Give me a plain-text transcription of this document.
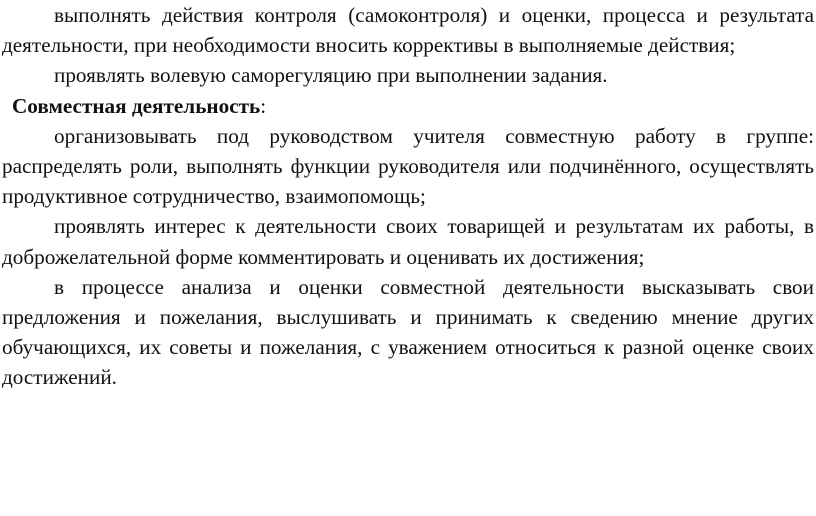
выполнять действия контроля (самоконтроля) и оценки, процесса и результата деятельности, при необходимости вносить коррективы в выполняемые действия;

проявлять волевую саморегуляцию при выполнении задания.

Совместная деятельность:

организовывать под руководством учителя совместную работу в группе: распределять роли, выполнять функции руководителя или подчинённого, осуществлять продуктивное сотрудничество, взаимопомощь;

проявлять интерес к деятельности своих товарищей и результатам их работы, в доброжелательной форме комментировать и оценивать их достижения;

в процессе анализа и оценки совместной деятельности высказывать свои предложения и пожелания, выслушивать и принимать к сведению мнение других обучающихся, их советы и пожелания, с уважением относиться к разной оценке своих достижений.
